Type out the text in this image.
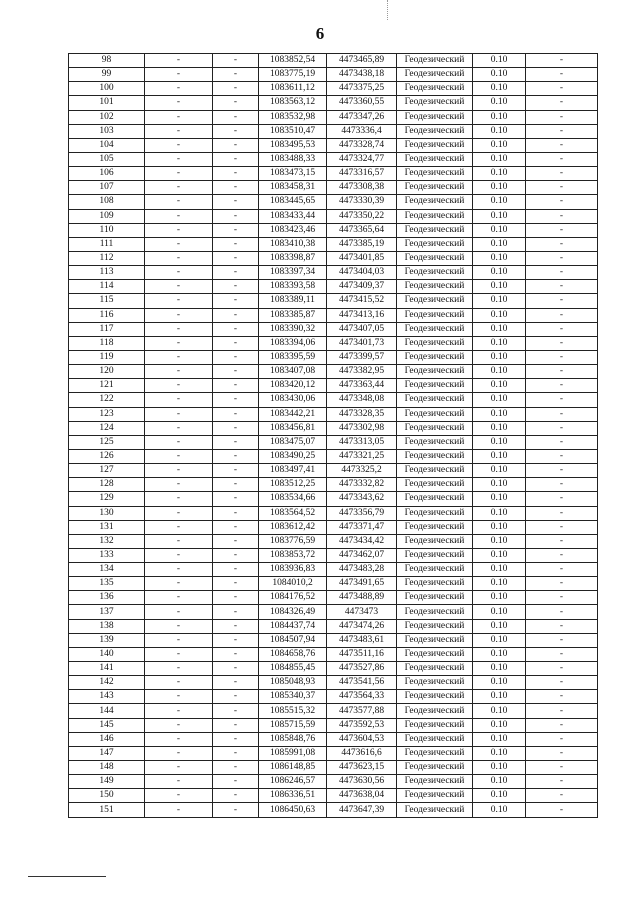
6
98	-	-	1083852,54	4473465,89	Геодезический	0.10	-
99	-	-	1083775,19	4473438,18	Геодезический	0.10	-
100	-	-	1083611,12	4473375,25	Геодезический	0.10	-
101	-	-	1083563,12	4473360,55	Геодезический	0.10	-
102	-	-	1083532,98	4473347,26	Геодезический	0.10	-
103	-	-	1083510,47	4473336,4	Геодезический	0.10	-
104	-	-	1083495,53	4473328,74	Геодезический	0.10	-
105	-	-	1083488,33	4473324,77	Геодезический	0.10	-
106	-	-	1083473,15	4473316,57	Геодезический	0.10	-
107	-	-	1083458,31	4473308,38	Геодезический	0.10	-
108	-	-	1083445,65	4473330,39	Геодезический	0.10	-
109	-	-	1083433,44	4473350,22	Геодезический	0.10	-
110	-	-	1083423,46	4473365,64	Геодезический	0.10	-
111	-	-	1083410,38	4473385,19	Геодезический	0.10	-
112	-	-	1083398,87	4473401,85	Геодезический	0.10	-
113	-	-	1083397,34	4473404,03	Геодезический	0.10	-
114	-	-	1083393,58	4473409,37	Геодезический	0.10	-
115	-	-	1083389,11	4473415,52	Геодезический	0.10	-
116	-	-	1083385,87	4473413,16	Геодезический	0.10	-
117	-	-	1083390,32	4473407,05	Геодезический	0.10	-
118	-	-	1083394,06	4473401,73	Геодезический	0.10	-
119	-	-	1083395,59	4473399,57	Геодезический	0.10	-
120	-	-	1083407,08	4473382,95	Геодезический	0.10	-
121	-	-	1083420,12	4473363,44	Геодезический	0.10	-
122	-	-	1083430,06	4473348,08	Геодезический	0.10	-
123	-	-	1083442,21	4473328,35	Геодезический	0.10	-
124	-	-	1083456,81	4473302,98	Геодезический	0.10	-
125	-	-	1083475,07	4473313,05	Геодезический	0.10	-
126	-	-	1083490,25	4473321,25	Геодезический	0.10	-
127	-	-	1083497,41	4473325,2	Геодезический	0.10	-
128	-	-	1083512,25	4473332,82	Геодезический	0.10	-
129	-	-	1083534,66	4473343,62	Геодезический	0.10	-
130	-	-	1083564,52	4473356,79	Геодезический	0.10	-
131	-	-	1083612,42	4473371,47	Геодезический	0.10	-
132	-	-	1083776,59	4473434,42	Геодезический	0.10	-
133	-	-	1083853,72	4473462,07	Геодезический	0.10	-
134	-	-	1083936,83	4473483,28	Геодезический	0.10	-
135	-	-	1084010,2	4473491,65	Геодезический	0.10	-
136	-	-	1084176,52	4473488,89	Геодезический	0.10	-
137	-	-	1084326,49	4473473	Геодезический	0.10	-
138	-	-	1084437,74	4473474,26	Геодезический	0.10	-
139	-	-	1084507,94	4473483,61	Геодезический	0.10	-
140	-	-	1084658,76	4473511,16	Геодезический	0.10	-
141	-	-	1084855,45	4473527,86	Геодезический	0.10	-
142	-	-	1085048,93	4473541,56	Геодезический	0.10	-
143	-	-	1085340,37	4473564,33	Геодезический	0.10	-
144	-	-	1085515,32	4473577,88	Геодезический	0.10	-
145	-	-	1085715,59	4473592,53	Геодезический	0.10	-
146	-	-	1085848,76	4473604,53	Геодезический	0.10	-
147	-	-	1085991,08	4473616,6	Геодезический	0.10	-
148	-	-	1086148,85	4473623,15	Геодезический	0.10	-
149	-	-	1086246,57	4473630,56	Геодезический	0.10	-
150	-	-	1086336,51	4473638,04	Геодезический	0.10	-
151	-	-	1086450,63	4473647,39	Геодезический	0.10	-
